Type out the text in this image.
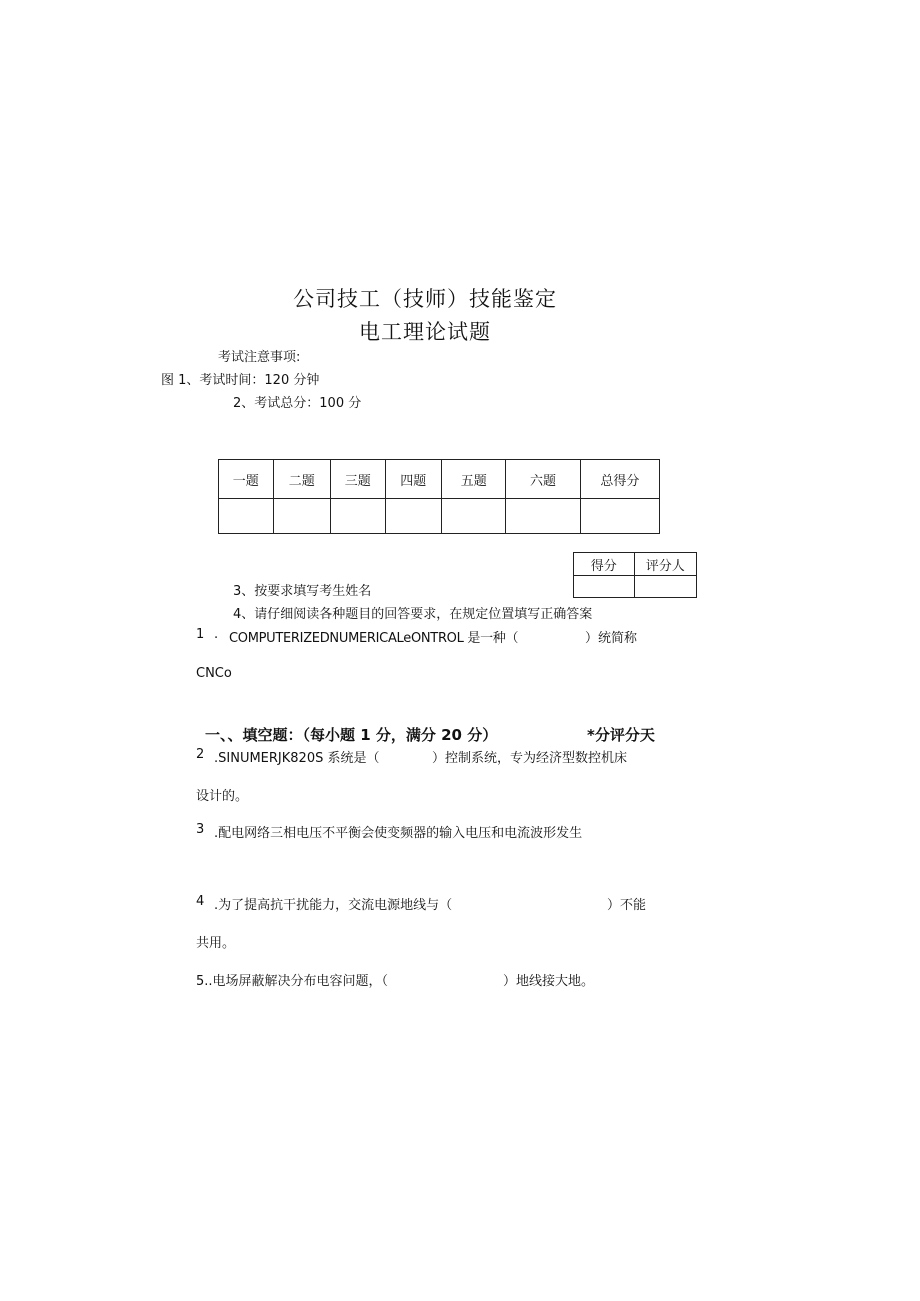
公司技工（技师）技能鉴定
电工理论试题
考试注意事项:
图 1、考试时间：120 分钟
2、考试总分：100 分
一题	二题	三题	四题	五题	六题	总得分

得分	评分人

3、按要求填写考生姓名
4、请仔细阅读各种题目的回答要求，在规定位置填写正确答案
1 . COMPUTERIZEDNUMERICALeONTROL 是一种（	）统简称
CNCo
一、、填空题：（每小题 1 分，满分 20 分）	*分评分天
2 .SINUMERJK820S 系统是（	）控制系统，专为经济型数控机床
设计的。
3 .配电网络三相电压不平衡会使变频器的输入电压和电流波形发生
4 .为了提高抗干扰能力，交流电源地线与（	）不能
共用。
5..电场屏蔽解决分布电容问题，（	）地线接大地。
